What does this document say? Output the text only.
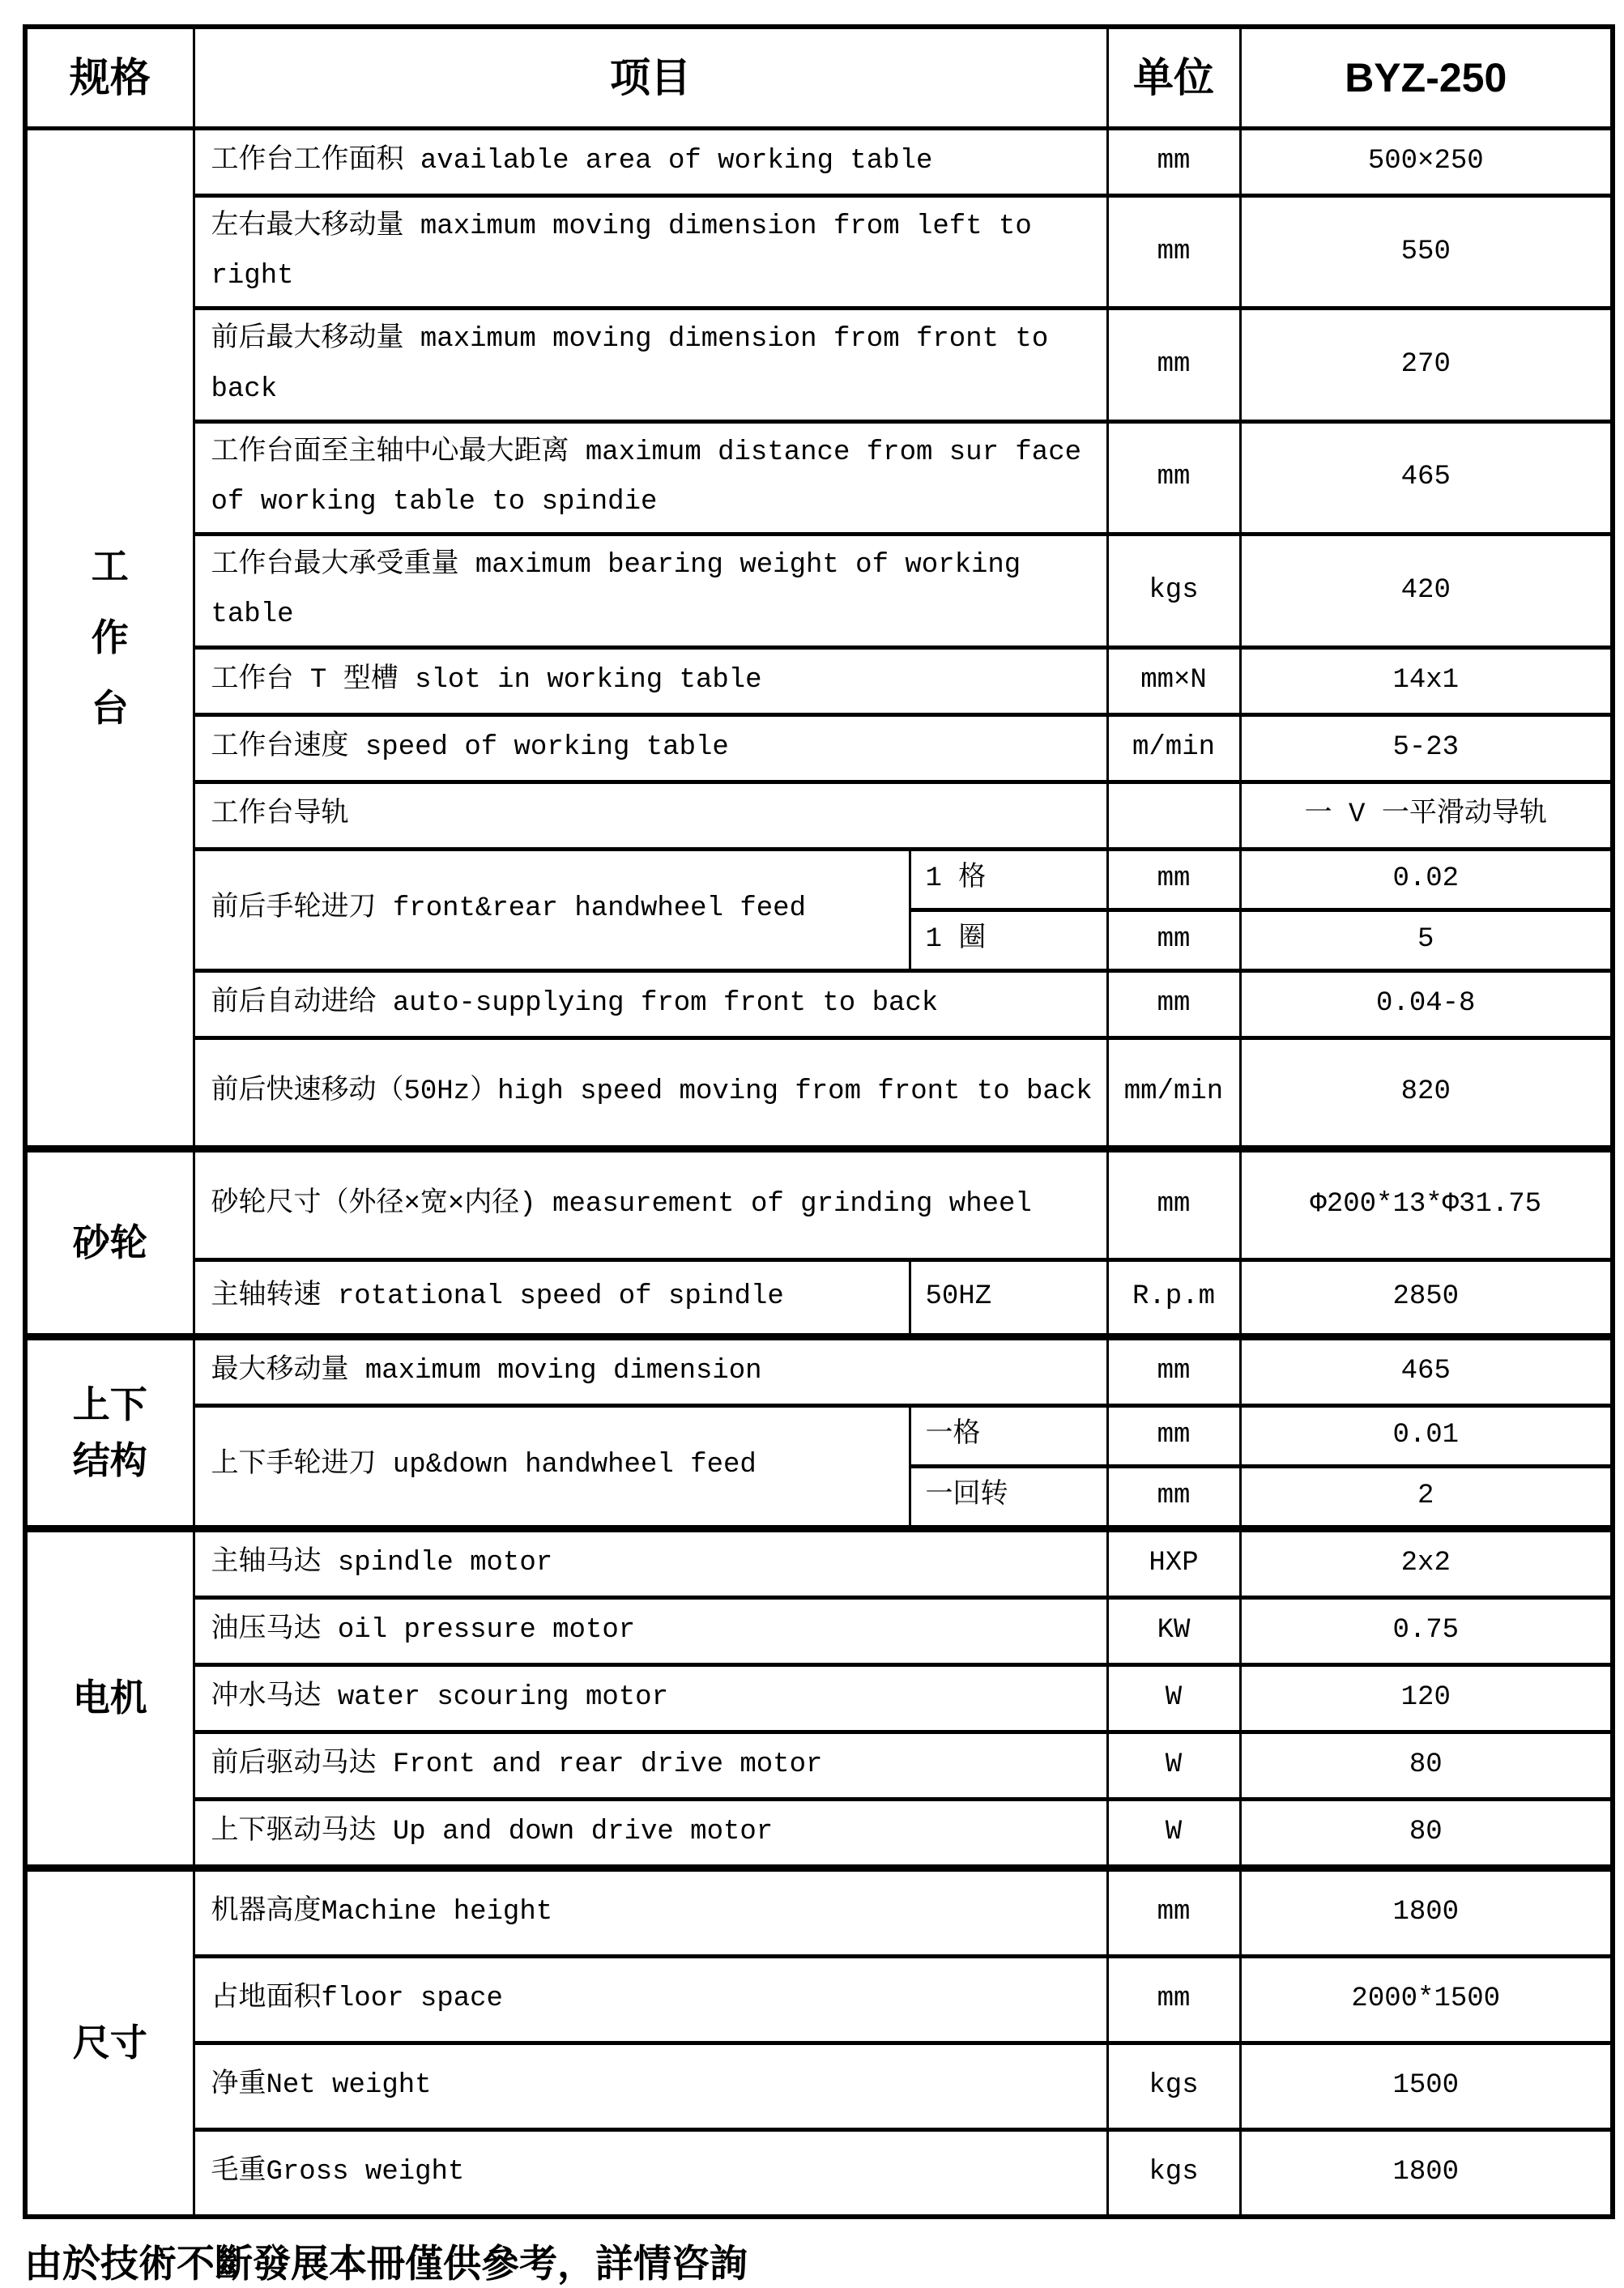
规格	项目		单位	BYZ-250

工作台	工作台工作面积 available area of working table		mm	500×250
	左右最大移动量 maximum moving dimension from left to right		mm	550
	前后最大移动量 maximum moving dimension from front to back		mm	270
	工作台面至主轴中心最大距离 maximum distance from sur face of working table to spindie		mm	465
	工作台最大承受重量 maximum bearing weight of working table		kgs	420
	工作台 T 型槽 slot in working table		mm×N	14x1
	工作台速度 speed of working table		m/min	5-23
	工作台导轨			一 V 一平滑动导轨
	前后手轮进刀 front&rear handwheel feed	1 格	mm	0.02
		1 圈	mm	5
	前后自动进给 auto-supplying from front to back		mm	0.04-8
	前后快速移动（50Hz）high speed moving from front to back		mm/min	820
砂轮	砂轮尺寸（外径×宽×内径) measurement of grinding wheel		mm	Φ200*13*Φ31.75
	主轴转速 rotational speed of spindle	50HZ	R.p.m	2850

上下结构	最大移动量 maximum moving dimension		mm	465
	上下手轮进刀 up&down handwheel feed	一格	mm	0.01
		一回转	mm	2
电机	主轴马达 spindle motor		HXP	2x2
	油压马达 oil pressure motor		KW	0.75
	冲水马达 water scouring motor		W	120
	前后驱动马达 Front and rear drive motor		W	80
	上下驱动马达 Up and down drive motor		W	80
尺寸	机器高度Machine height		mm	1800
	占地面积floor space		mm	2000*1500
	净重Net weight		kgs	1500
	毛重Gross weight		kgs	1800
由於技術不斷發展本冊僅供參考，詳情咨詢
